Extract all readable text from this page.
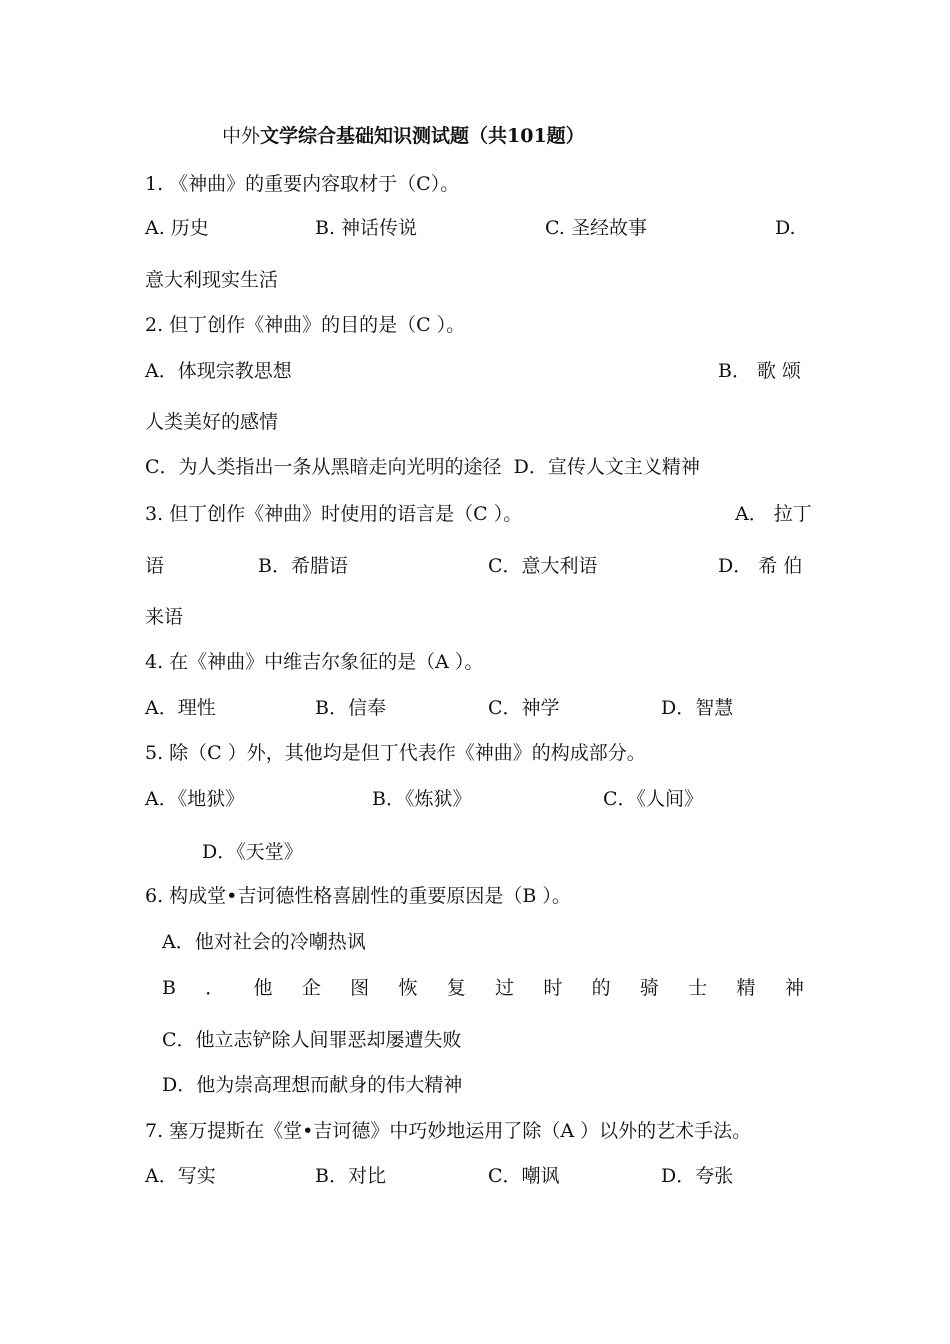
中外文学综合基础知识测试题（共101题）
1. 《神曲》的重要内容取材于（C）。
A. 历史	B. 神话传说	C. 圣经故事	D.
意大利现实生活
2. 但丁创作《神曲》的目的是（C ）。
A．体现宗教思想	B． 歌 颂
人类美好的感情
C．为人类指出一条从黑暗走向光明的途径  D．宣传人文主义精神
3. 但丁创作《神曲》时使用的语言是（C ）。	A． 拉丁
语	B．希腊语	C．意大利语	D． 希 伯
来语
4. 在《神曲》中维吉尔象征的是（A ）。
A．理性	B．信奉	C．神学	D．智慧
5. 除（C ）外，其他均是但丁代表作《神曲》的构成部分。
A．《地狱》	B．《炼狱》	C．《人间》
D．《天堂》
6. 构成堂•吉诃德性格喜剧性的重要原因是（B ）。
A．他对社会的冷嘲热讽
B ． 他 企 图 恢 复 过 时 的 骑 士 精 神
C．他立志铲除人间罪恶却屡遭失败
D．他为崇高理想而献身的伟大精神
7. 塞万提斯在《堂•吉诃德》中巧妙地运用了除（A ）以外的艺术手法。
A．写实	B．对比	C．嘲讽	D．夸张
